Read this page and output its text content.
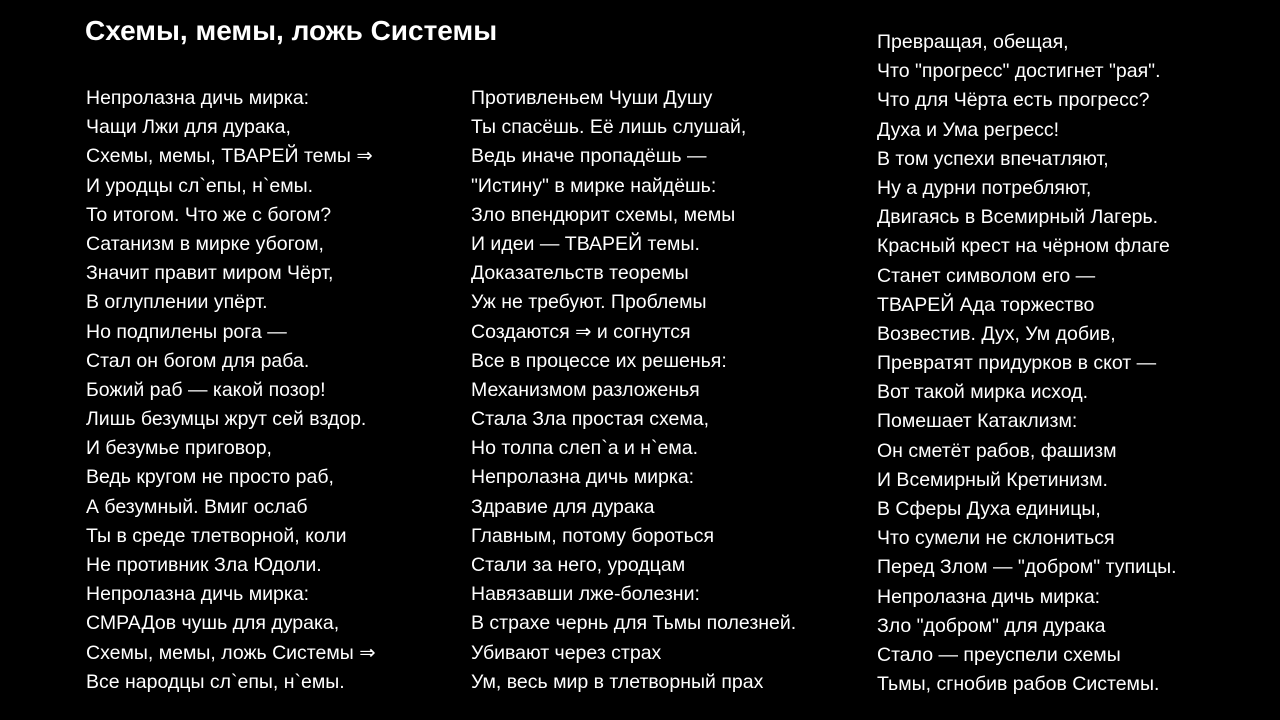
Схемы, мемы, ложь Системы
Непролазна дичь мирка:
Чащи Лжи для дурака,
Схемы, мемы, ТВАРЕЙ темы ⇒
И уродцы сл`епы, н`емы.
То итогом. Что же с богом?
Сатанизм в мирке убогом,
Значит правит миром Чёрт,
В оглуплении упёрт.
Но подпилены рога —
Стал он богом для раба.
Божий раб — какой позор!
Лишь безумцы жрут сей вздор.
И безумье приговор,
Ведь кругом не просто раб,
А безумный. Вмиг ослаб
Ты в среде тлетворной, коли
Не противник Зла Юдоли.
Непролазна дичь мирка:
СМРАДов чушь для дурака,
Схемы, мемы, ложь Системы ⇒
Все народцы сл`епы, н`емы.
Противленьем Чуши Душу
Ты спасёшь. Её лишь слушай,
Ведь иначе пропадёшь —
"Истину" в мирке найдёшь:
Зло впендюрит схемы, мемы
И идеи — ТВАРЕЙ темы.
Доказательств теоремы
Уж не требуют. Проблемы
Создаются ⇒ и согнутся
Все в процессе их решенья:
Механизмом разложенья
Стала Зла простая схема,
Но толпа слеп`а и н`ема.
Непролазна дичь мирка:
Здравие для дурака
Главным, потому бороться
Стали за него, уродцам
Навязавши лже-болезни:
В страхе чернь для Тьмы полезней.
Убивают через страх
Ум, весь мир в тлетворный прах
Превращая, обещая,
Что "прогресс" достигнет "рая".
Что для Чёрта есть прогресс?
Духа и Ума регресс!
В том успехи впечатляют,
Ну а дурни потребляют,
Двигаясь в Всемирный Лагерь.
Красный крест на чёрном флаге
Станет символом его —
ТВАРЕЙ Ада торжество
Возвестив. Дух, Ум добив,
Превратят придурков в скот —
Вот такой мирка исход.
Помешает Катаклизм:
Он сметёт рабов, фашизм
И Всемирный Кретинизм.
В Сферы Духа единицы,
Что сумели не склониться
Перед Злом — "добром" тупицы.
Непролазна дичь мирка:
Зло "добром" для дурака
Стало — преуспели схемы
Тьмы, сгнобив рабов Системы.
